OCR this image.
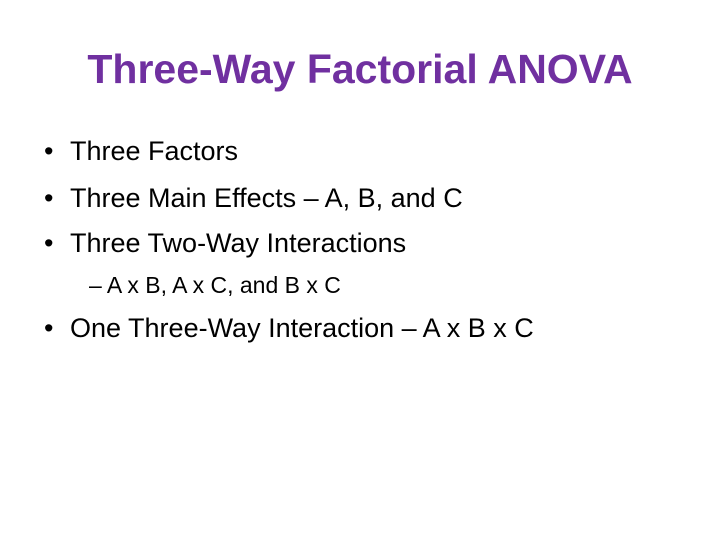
Three-Way Factorial ANOVA
• Three Factors
• Three Main Effects – A, B, and C
• Three Two-Way Interactions
– A x B, A x C, and B x C
• One Three-Way Interaction – A x B x C
